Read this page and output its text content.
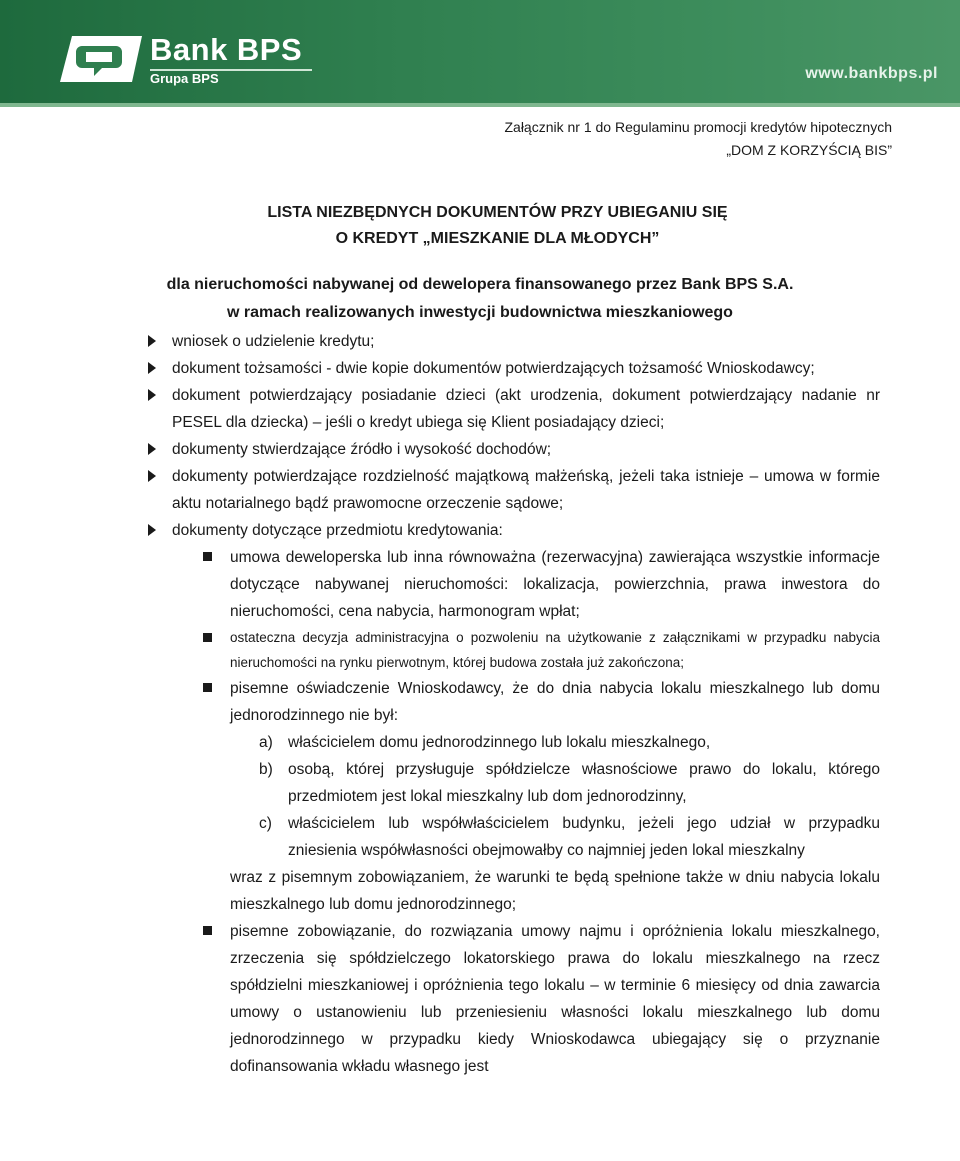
Bank BPS
Grupa BPS	www.bankbps.pl
Załącznik nr 1 do Regulaminu promocji kredytów hipotecznych
„DOM Z KORZYŚCIĄ BIS”
LISTA NIEZBĘDNYCH DOKUMENTÓW PRZY UBIEGANIU SIĘ
O KREDYT „MIESZKANIE DLA MŁODYCH”
dla nieruchomości nabywanej od dewelopera finansowanego przez Bank BPS S.A.
w ramach realizowanych inwestycji budownictwa mieszkaniowego
wniosek o udzielenie kredytu;
dokument tożsamości - dwie kopie dokumentów potwierdzających tożsamość Wnioskodawcy;
dokument potwierdzający posiadanie dzieci (akt urodzenia, dokument potwierdzający nadanie nr PESEL dla dziecka) – jeśli o kredyt ubiega się Klient posiadający dzieci;
dokumenty stwierdzające źródło i wysokość dochodów;
dokumenty potwierdzające rozdzielność majątkową małżeńską, jeżeli taka istnieje – umowa w formie aktu notarialnego bądź prawomocne orzeczenie sądowe;
dokumenty dotyczące przedmiotu kredytowania:
umowa deweloperska lub inna równoważna (rezerwacyjna) zawierająca wszystkie informacje dotyczące nabywanej nieruchomości: lokalizacja, powierzchnia, prawa inwestora do nieruchomości, cena nabycia, harmonogram wpłat;
ostateczna decyzja administracyjna o pozwoleniu na użytkowanie z załącznikami w przypadku nabycia nieruchomości na rynku pierwotnym, której budowa została już zakończona;
pisemne oświadczenie Wnioskodawcy, że do dnia nabycia lokalu mieszkalnego lub domu jednorodzinnego nie był:
a) właścicielem domu jednorodzinnego lub lokalu mieszkalnego,
b) osobą, której przysługuje spółdzielcze własnościowe prawo do lokalu, którego przedmiotem jest lokal mieszkalny lub dom jednorodzinny,
c) właścicielem lub współwłaścicielem budynku, jeżeli jego udział w przypadku zniesienia współwłasności obejmowałby co najmniej jeden lokal mieszkalny
wraz z pisemnym zobowiązaniem, że warunki te będą spełnione także w dniu nabycia lokalu mieszkalnego lub domu jednorodzinnego;
pisemne zobowiązanie, do rozwiązania umowy najmu i opróżnienia lokalu mieszkalnego, zrzeczenia się spółdzielczego lokatorskiego prawa do lokalu mieszkalnego na rzecz spółdzielni mieszkaniowej i opróżnienia tego lokalu – w terminie 6 miesięcy od dnia zawarcia umowy o ustanowieniu lub przeniesieniu własności lokalu mieszkalnego lub domu jednorodzinnego w przypadku kiedy Wnioskodawca ubiegający się o przyznanie dofinansowania wkładu własnego jest
